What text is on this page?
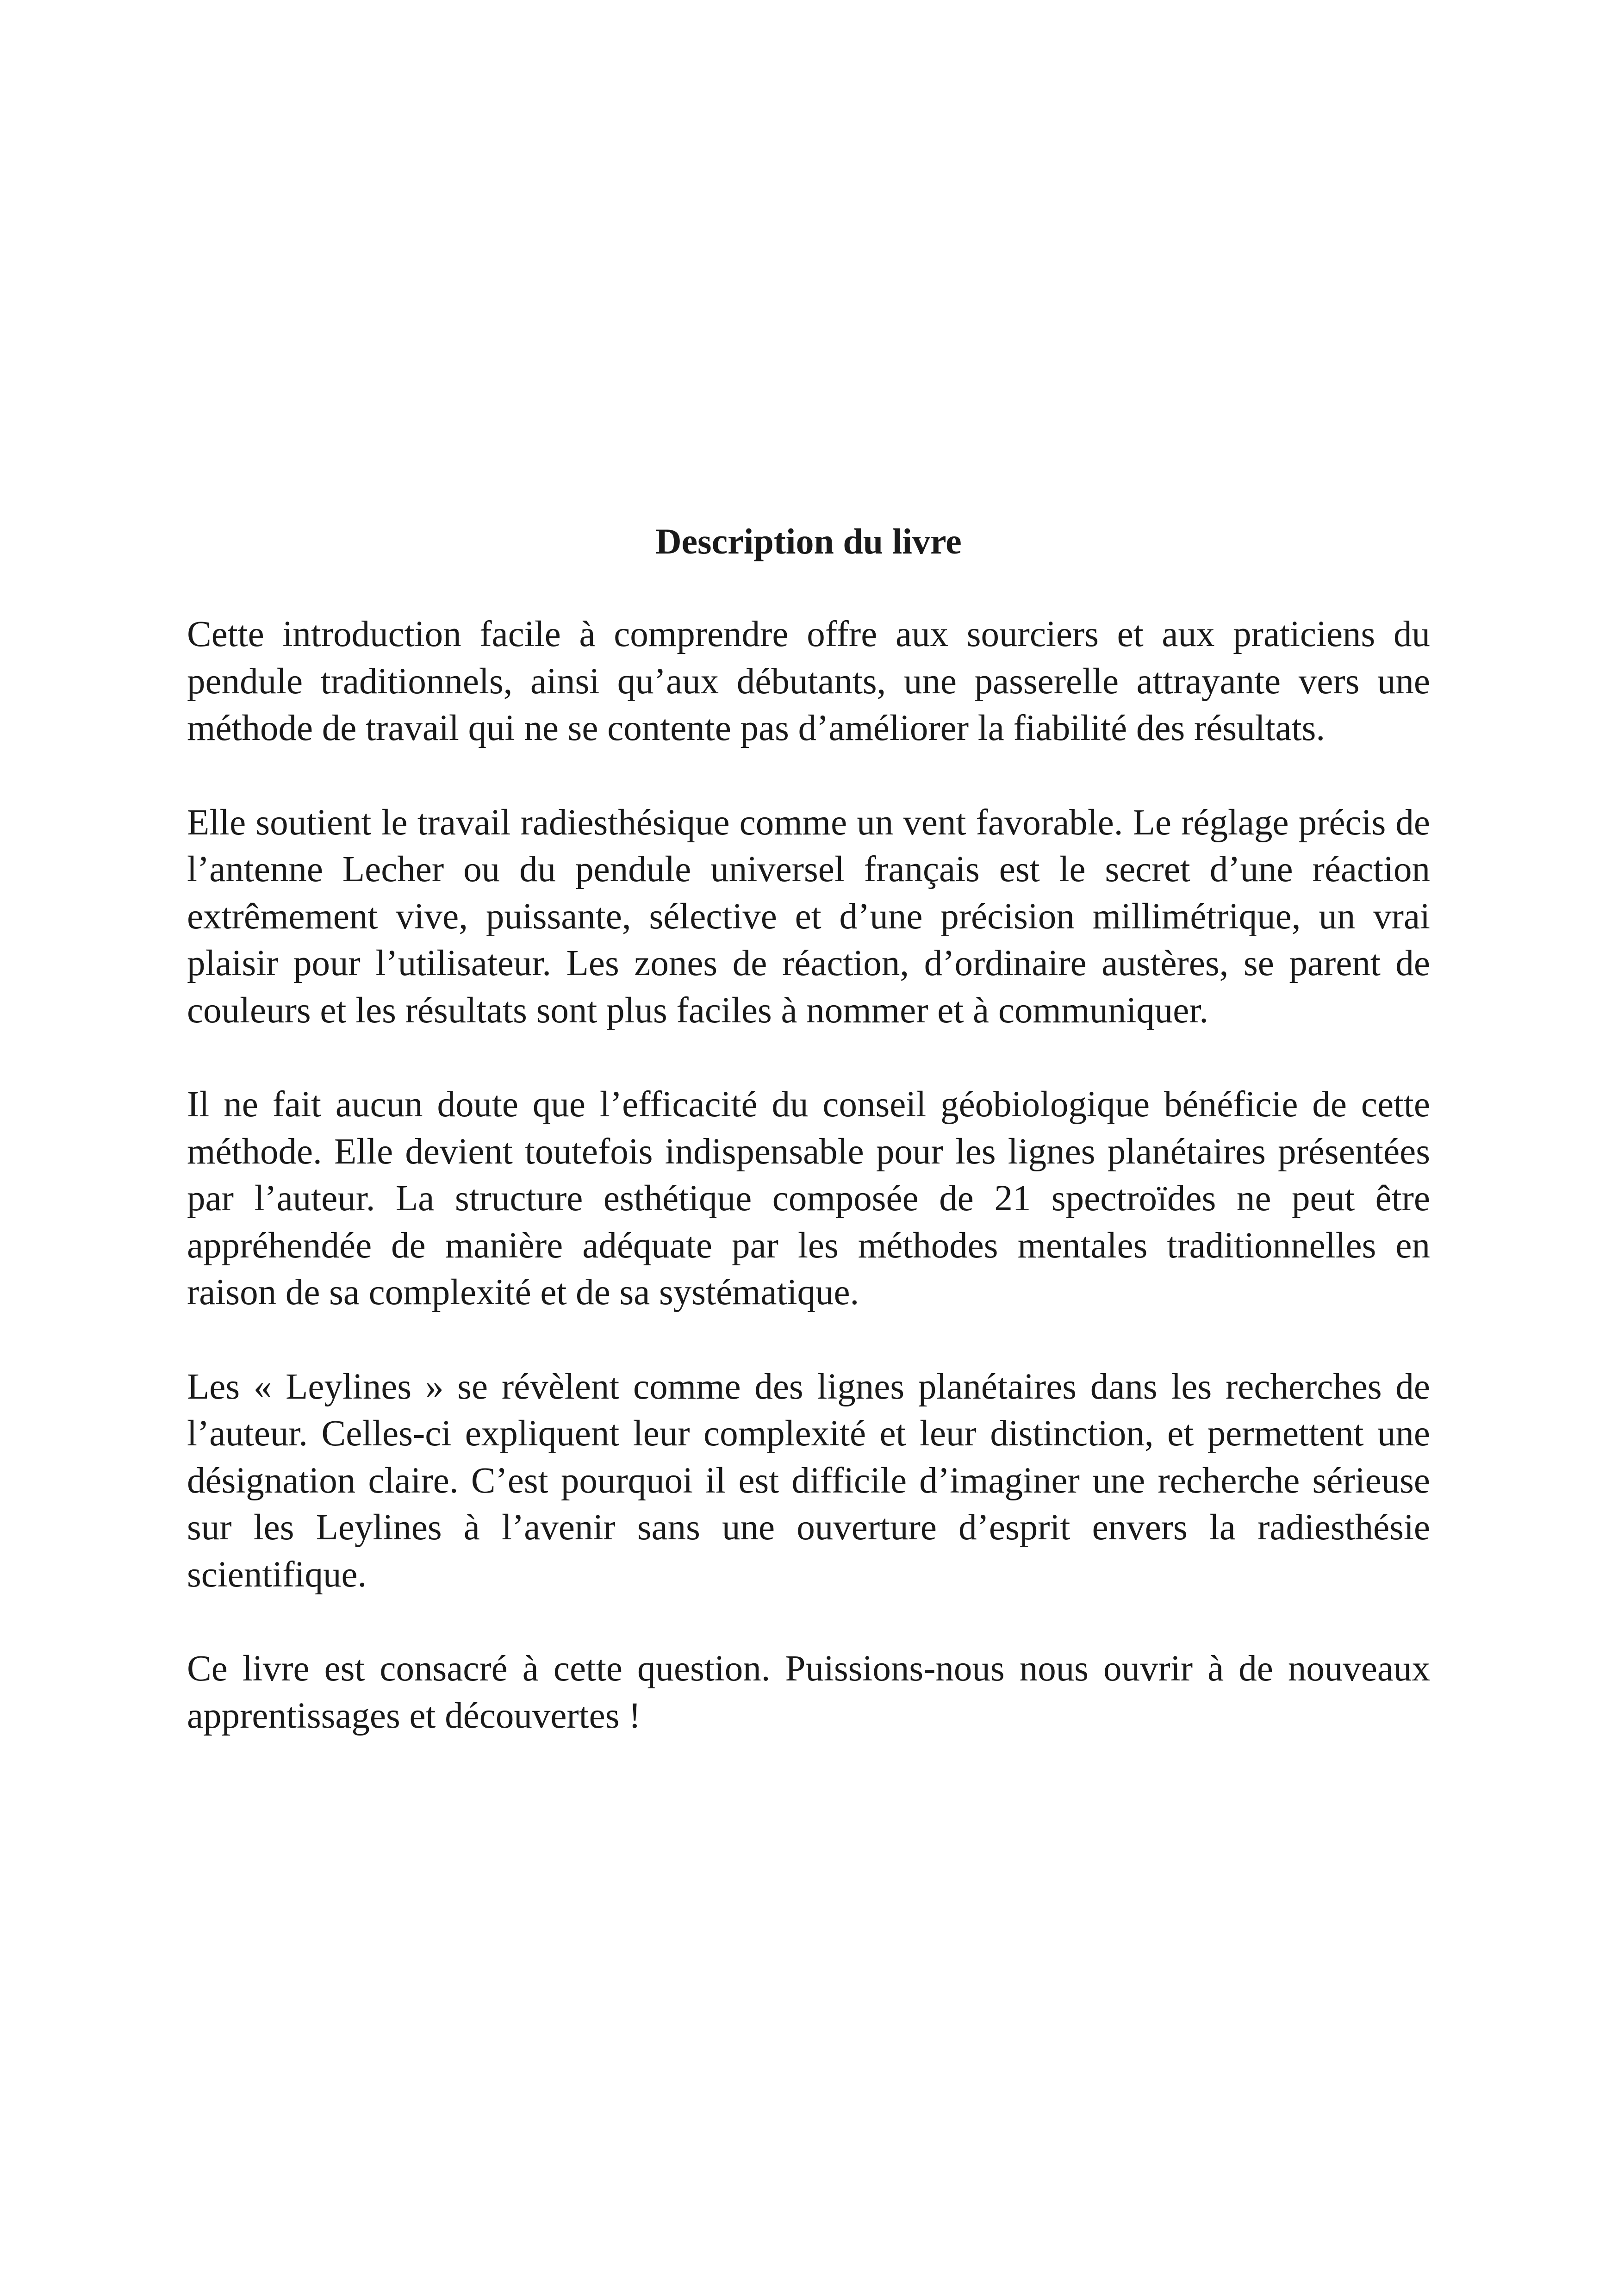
Description du livre

Cette introduction facile à comprendre offre aux sourciers et aux praticiens du pendule traditionnels, ainsi qu’aux débutants, une passerelle attrayante vers une méthode de travail qui ne se contente pas d’améliorer la fiabilité des résultats.

Elle soutient le travail radiesthésique comme un vent favorable. Le réglage précis de l’antenne Lecher ou du pendule universel français est le secret d’une réaction extrêmement vive, puissante, sélective et d’une précision millimétrique, un vrai plaisir pour l’utilisateur. Les zones de réaction, d’ordinaire austères, se parent de couleurs et les résultats sont plus faciles à nommer et à communiquer.

Il ne fait aucun doute que l’efficacité du conseil géobiologique bénéficie de cette méthode. Elle devient toutefois indispensable pour les lignes planétaires présentées par l’auteur. La structure esthétique composée de 21 spectroïdes ne peut être appréhendée de manière adéquate par les méthodes mentales traditionnelles en raison de sa complexité et de sa systématique.

Les « Leylines » se révèlent comme des lignes planétaires dans les recherches de l’auteur. Celles-ci expliquent leur complexité et leur distinction, et permettent une désignation claire. C’est pourquoi il est difficile d’imaginer une recherche sérieuse sur les Leylines à l’avenir sans une ouverture d’esprit envers la radiesthésie scientifique.

Ce livre est consacré à cette question. Puissions-nous nous ouvrir à de nouveaux apprentissages et découvertes !
